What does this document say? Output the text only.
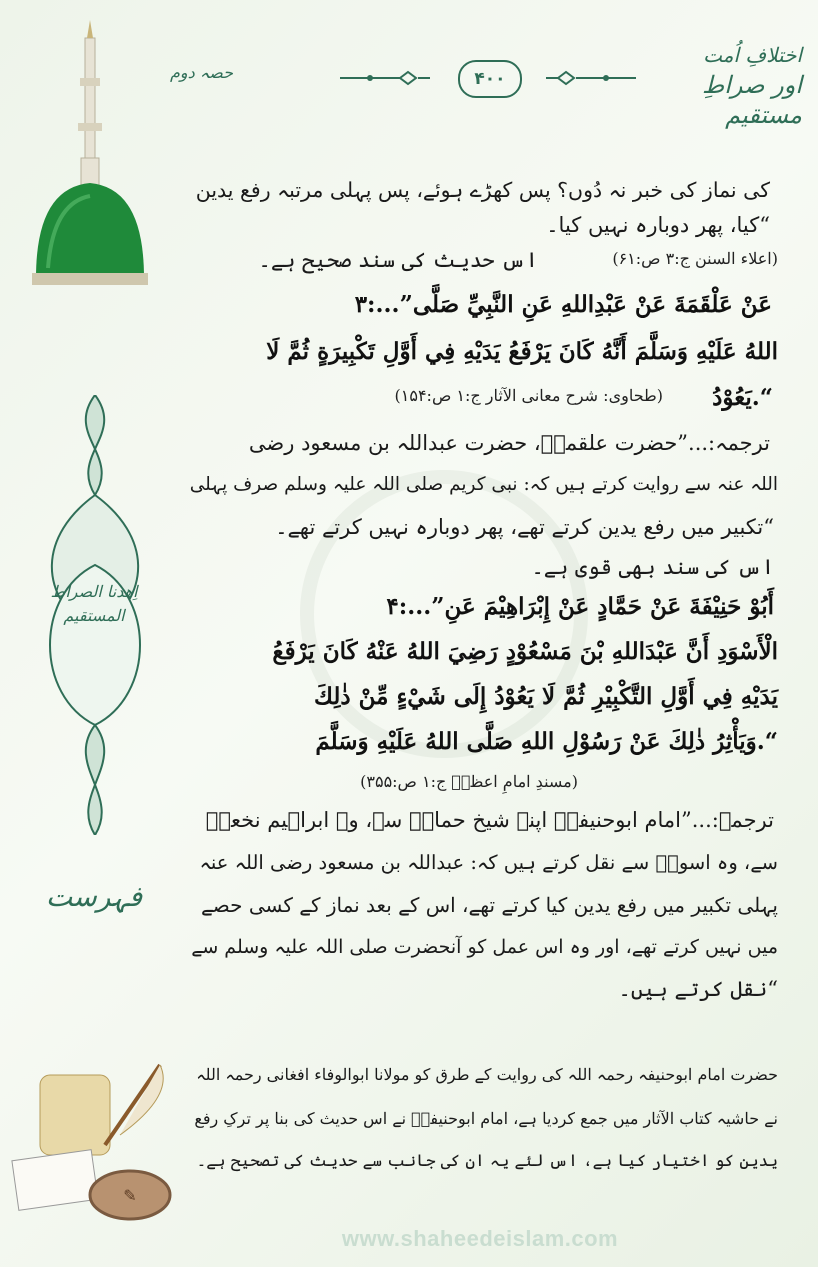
اختلافِ اُمت
اور صراطِ مستقیم
۴۰۰
حصہ دوم
اِھدنا الصراط المستقیم
فہرست
✎
کی نماز کی خبر نہ دُوں؟ پس کھڑے ہوئے، پس پہلی مرتبہ رفع یدین
کیا، پھر دوبارہ نہیں کیا۔“
اس حدیث کی سند صحیح ہے۔	(اعلاء السنن ج:۳ ص:۶۱)
۳:...”عَنْ عَلْقَمَةَ عَنْ عَبْدِاللهِ عَنِ النَّبِيِّ صَلَّى
اللهُ عَلَيْهِ وَسَلَّمَ أَنَّهُ كَانَ يَرْفَعُ يَدَيْهِ فِي أَوَّلِ تَكْبِيرَةٍ ثُمَّ لَا
يَعُوْدُ.“
(طحاوی: شرح معانی الآثار ج:۱ ص:۱۵۴)
ترجمہ:...”حضرت علقمہؒ، حضرت عبداللہ بن مسعود رضی
اللہ عنہ سے روایت کرتے ہیں کہ: نبی کریم صلی اللہ علیہ وسلم صرف پہلی
تکبیر میں رفع یدین کرتے تھے، پھر دوبارہ نہیں کرتے تھے۔“
اس کی سند بھی قوی ہے۔
۴:...”أَبُوْ حَنِيْفَةَ عَنْ حَمَّادٍ عَنْ إِبْرَاهِيْمَ عَنِ
الْأَسْوَدِ أَنَّ عَبْدَاللهِ بْنَ مَسْعُوْدٍ رَضِيَ اللهُ عَنْهُ كَانَ يَرْفَعُ
يَدَيْهِ فِي أَوَّلِ التَّكْبِيْرِ ثُمَّ لَا يَعُوْدُ إِلَى شَيْءٍ مِّنْ ذٰلِكَ
وَيَأْثِرُ ذٰلِكَ عَنْ رَسُوْلِ اللهِ صَلَّى اللهُ عَلَيْهِ وَسَلَّمَ.“
(مسندِ امامِ اعظمؒ ج:۱ ص:۳۵۵)
ترجمہ:...”امام ابوحنیفہؒ اپنے شیخ حمادؒ سے، وہ ابراہیم نخعیؒ
سے، وہ اسودؒ سے نقل کرتے ہیں کہ: عبداللہ بن مسعود رضی اللہ عنہ
پہلی تکبیر میں رفع یدین کیا کرتے تھے، اس کے بعد نماز کے کسی حصے
میں نہیں کرتے تھے، اور وہ اس عمل کو آنحضرت صلی اللہ علیہ وسلم سے
نقل کرتے ہیں۔“
حضرت امام ابوحنیفہ رحمہ اللہ کی روایت کے طرق کو مولانا ابوالوفاء افغانی رحمہ اللہ
نے حاشیہ کتاب الآثار میں جمع کردیا ہے، امام ابوحنیفہؒ نے اس حدیث کی بنا پر ترکِ رفع
یدین کو اختیار کیا ہے، اس لئے یہ ان کی جانب سے حدیث کی تصحیح ہے۔
www.shaheedeislam.com
